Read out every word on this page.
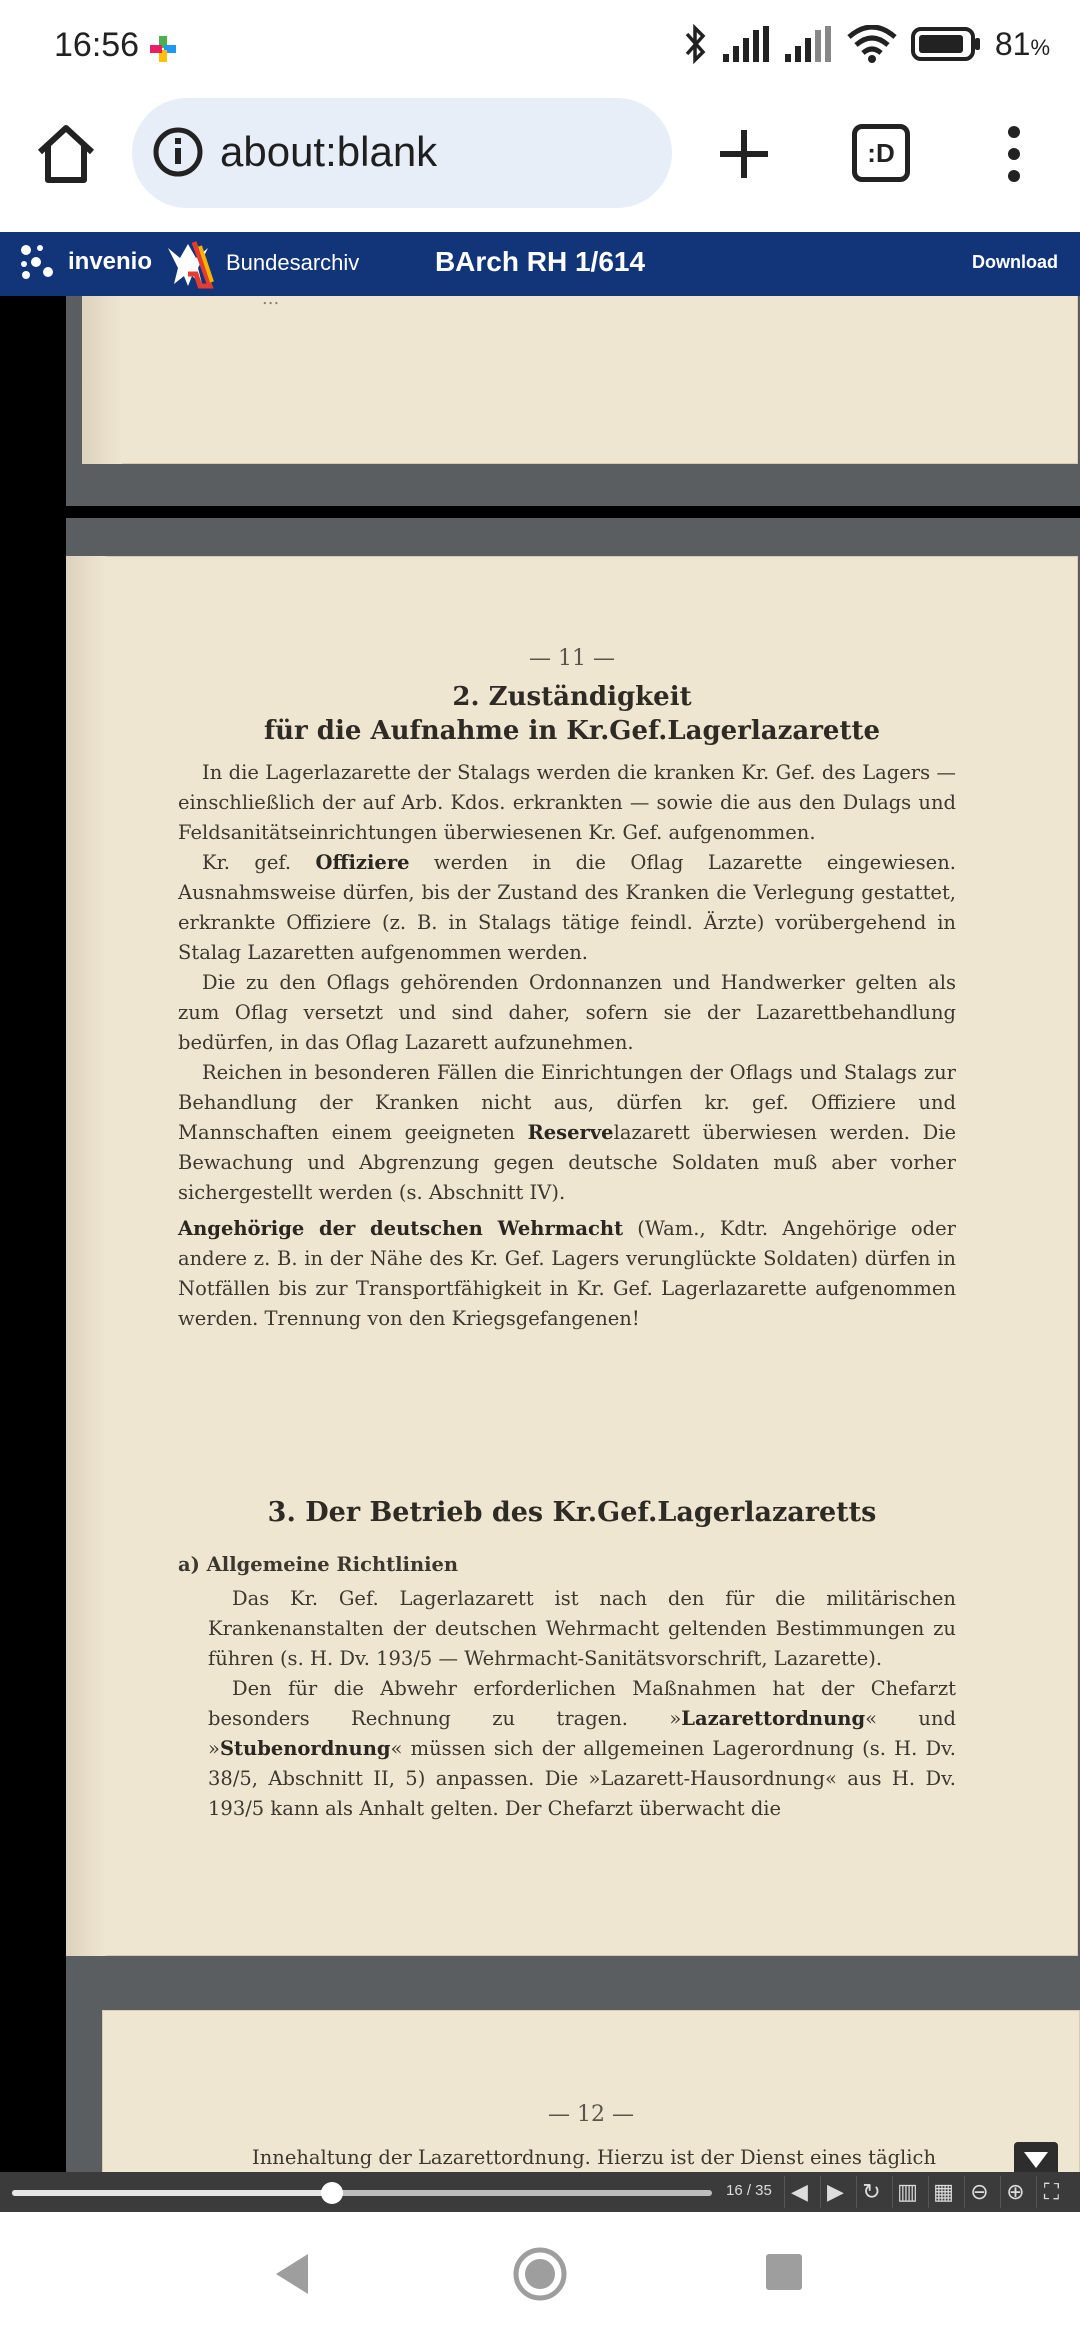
16:56	81%
about:blank	:D
invenio	Bundesarchiv	BArch RH 1/614	Download
...
— 11 —
2. Zuständigkeit
für die Aufnahme in Kr.Gef.Lagerlazarette

In die Lagerlazarette der Stalags werden die kranken Kr. Gef. des Lagers — einschließlich der auf Arb. Kdos. erkrankten — sowie die aus den Dulags und Feldsanitätseinrichtungen überwiesenen Kr. Gef. aufgenommen.

Kr. gef. Offiziere werden in die Oflag Lazarette eingewiesen. Ausnahmsweise dürfen, bis der Zustand des Kranken die Verlegung gestattet, erkrankte Offiziere (z. B. in Stalags tätige feindl. Ärzte) vorübergehend in Stalag Lazaretten aufgenommen werden.

Die zu den Oflags gehörenden Ordonnanzen und Handwerker gelten als zum Oflag versetzt und sind daher, sofern sie der Lazarettbehandlung bedürfen, in das Oflag Lazarett aufzunehmen.

Reichen in besonderen Fällen die Einrichtungen der Oflags und Stalags zur Behandlung der Kranken nicht aus, dürfen kr. gef. Offiziere und Mannschaften einem geeigneten Reservelazarett überwiesen werden. Die Bewachung und Abgrenzung gegen deutsche Soldaten muß aber vorher sichergestellt werden (s. Abschnitt IV).

Angehörige der deutschen Wehrmacht (Wam., Kdtr. Angehörige oder andere z. B. in der Nähe des Kr. Gef. Lagers verunglückte Soldaten) dürfen in Notfällen bis zur Transportfähigkeit in Kr. Gef. Lagerlazarette aufgenommen werden. Trennung von den Kriegsgefangenen!

3. Der Betrieb des Kr.Gef.Lagerlazaretts

a) Allgemeine Richtlinien

Das Kr. Gef. Lagerlazarett ist nach den für die militärischen Krankenanstalten der deutschen Wehrmacht geltenden Bestimmungen zu führen (s. H. Dv. 193/5 — Wehrmacht-Sanitätsvorschrift, Lazarette).

Den für die Abwehr erforderlichen Maßnahmen hat der Chefarzt besonders Rechnung zu tragen. »Lazarettordnung« und »Stubenordnung« müssen sich der allgemeinen Lagerordnung (s. H. Dv. 38/5, Abschnitt II, 5) anpassen. Die »Lazarett-Hausordnung« aus H. Dv. 193/5 kann als Anhalt gelten. Der Chefarzt überwacht die

— 12 —
Innehaltung der Lazarettordnung. Hierzu ist der Dienst eines täglich
16 / 35 ◀ ▶ ↻ ▥ ▦ ⊖ ⊕ ⛶
